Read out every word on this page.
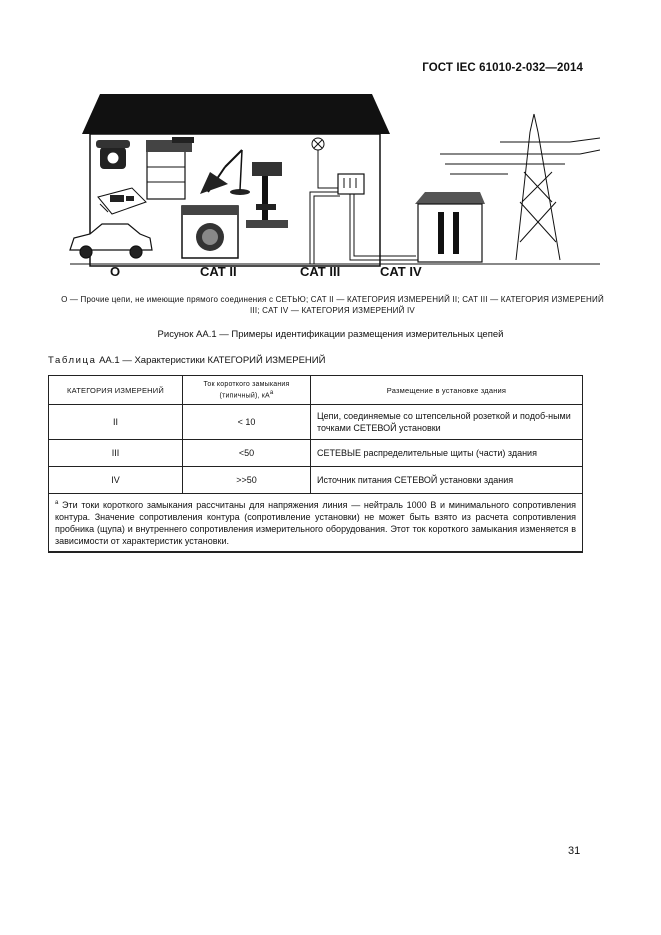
ГОСТ IEC 61010-2-032—2014
O	CAT II	CAT III	CAT IV
O — Прочие цепи, не имеющие прямого соединения с СЕТЬЮ; CAT II — КАТЕГОРИЯ ИЗМЕРЕНИЙ II; CAT III — КАТЕГОРИЯ ИЗМЕРЕНИЙ III; CAT IV — КАТЕГОРИЯ ИЗМЕРЕНИЙ IV
Рисунок АА.1 — Примеры идентификации размещения измерительных цепей
Таблица АА.1 — Характеристики КАТЕГОРИЙ ИЗМЕРЕНИЙ
КАТЕГОРИЯ ИЗМЕРЕНИЙ	Ток короткого замыкания (типичный), $кА^a$	Размещение в установке здания
II	< 10	Цепи, соединяемые со штепсельной розеткой и подоб-ными точками СЕТЕВОЙ установки
III	<50	СЕТЕВЫЕ распределительные щиты (части) здания
IV	>>50	Источник питания СЕТЕВОЙ установки здания
$^a$ Эти токи короткого замыкания рассчитаны для напряжения линия — нейтраль 1000 В и минимального сопротивления контура. Значение сопротивления контура (сопротивление установки) не может быть взято из расчета сопротивления пробника (щупа) и внутреннего сопротивления измерительного оборудования. Этот ток короткого замыкания изменяется в зависимости от характеристик установки.		
31
